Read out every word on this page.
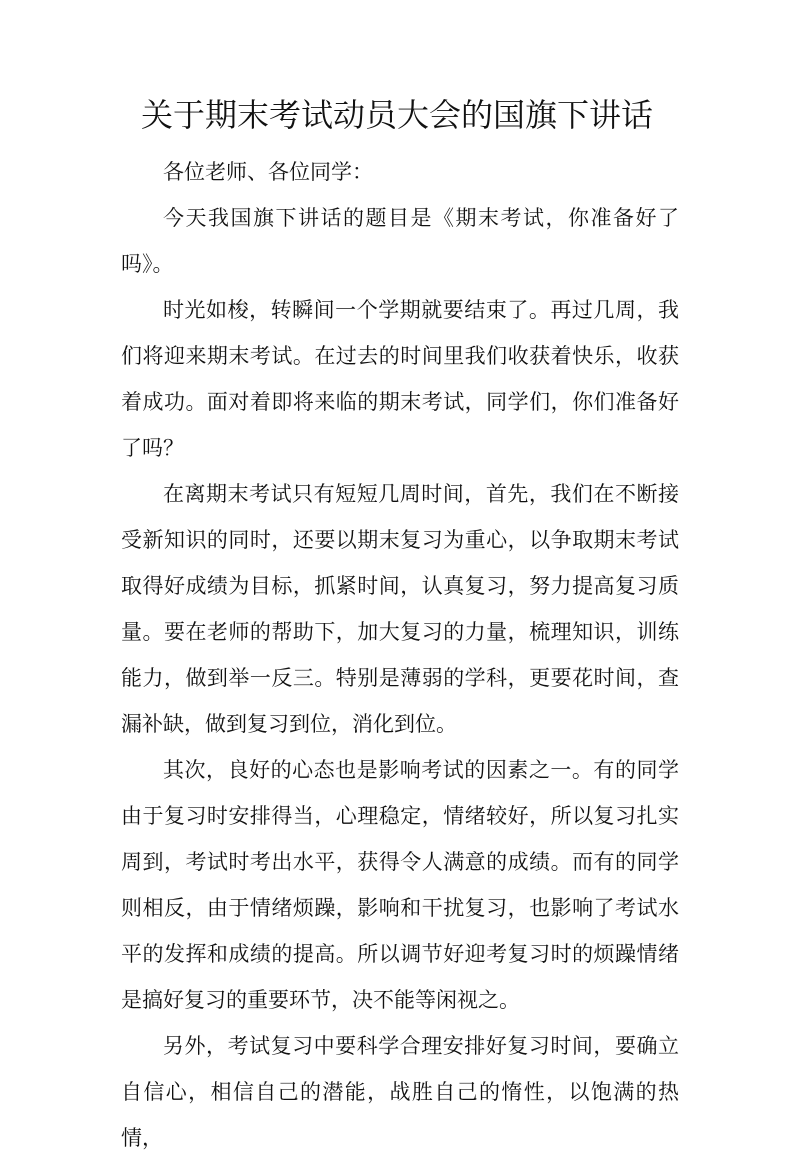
关于期末考试动员大会的国旗下讲话

各位老师、各位同学：

今天我国旗下讲话的题目是《期末考试，你准备好了吗》。

时光如梭，转瞬间一个学期就要结束了。再过几周，我们将迎来期末考试。在过去的时间里我们收获着快乐，收获着成功。面对着即将来临的期末考试，同学们，你们准备好了吗？

在离期末考试只有短短几周时间，首先，我们在不断接受新知识的同时，还要以期末复习为重心，以争取期末考试取得好成绩为目标，抓紧时间，认真复习，努力提高复习质量。要在老师的帮助下，加大复习的力量，梳理知识，训练能力，做到举一反三。特别是薄弱的学科，更要花时间，查漏补缺，做到复习到位，消化到位。

其次，良好的心态也是影响考试的因素之一。有的同学由于复习时安排得当，心理稳定，情绪较好，所以复习扎实周到，考试时考出水平，获得令人满意的成绩。而有的同学则相反，由于情绪烦躁，影响和干扰复习，也影响了考试水平的发挥和成绩的提高。所以调节好迎考复习时的烦躁情绪是搞好复习的重要环节，决不能等闲视之。

另外，考试复习中要科学合理安排好复习时间，要确立自信心，相信自己的潜能，战胜自己的惰性，以饱满的热情，
